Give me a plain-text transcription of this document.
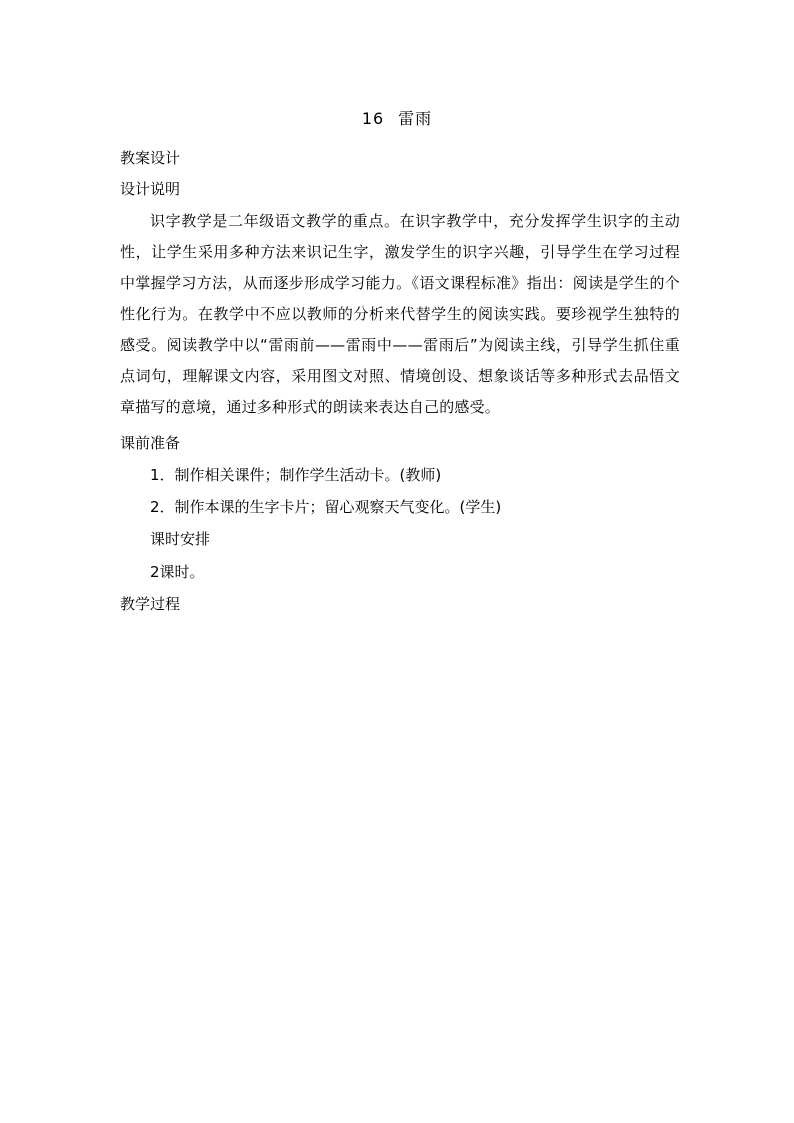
16 雷雨
教案设计
设计说明
识字教学是二年级语文教学的重点。在识字教学中，充分发挥学生识字的主动性，让学生采用多种方法来识记生字，激发学生的识字兴趣，引导学生在学习过程中掌握学习方法，从而逐步形成学习能力。《语文课程标准》指出：阅读是学生的个性化行为。在教学中不应以教师的分析来代替学生的阅读实践。要珍视学生独特的感受。阅读教学中以“雷雨前——雷雨中——雷雨后”为阅读主线，引导学生抓住重点词句，理解课文内容，采用图文对照、情境创设、想象谈话等多种形式去品悟文章描写的意境，通过多种形式的朗读来表达自己的感受。
课前准备
1．制作相关课件；制作学生活动卡。(教师)
2．制作本课的生字卡片；留心观察天气变化。(学生)
课时安排
2课时。
教学过程
